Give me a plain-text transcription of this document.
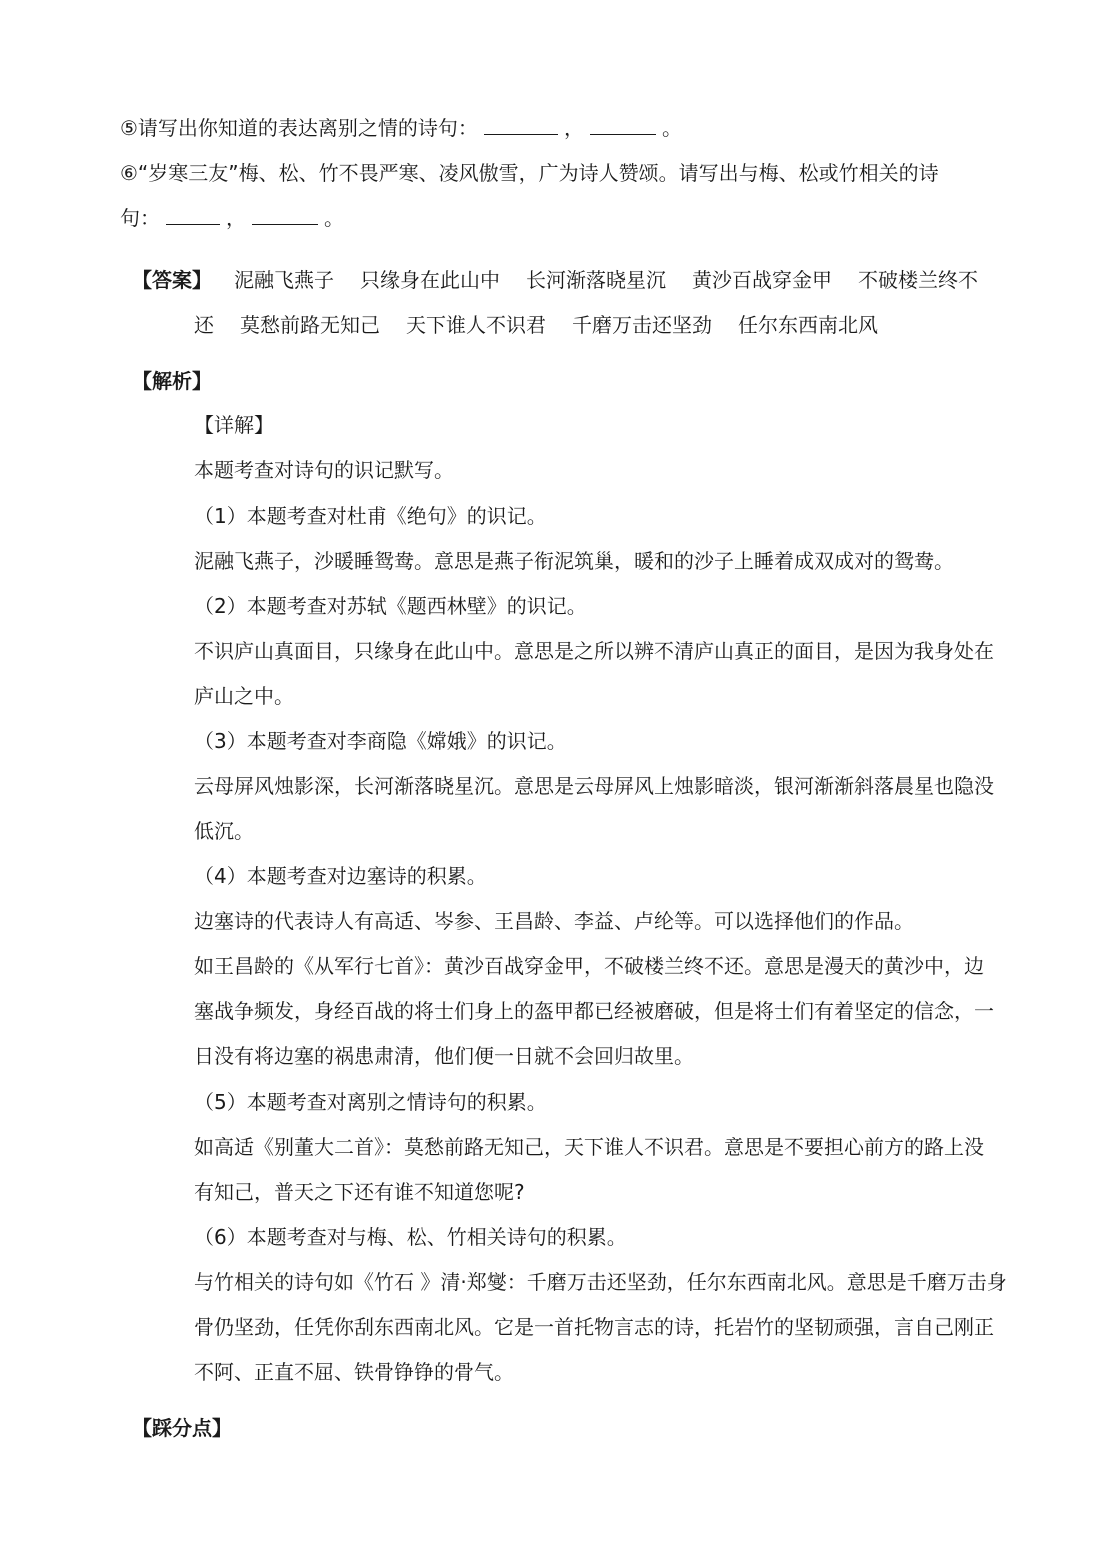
⑤请写出你知道的表达离别之情的诗句：	，	。
⑥“岁寒三友”梅、松、竹不畏严寒、凌风傲雪，广为诗人赞颂。请写出与梅、松或竹相关的诗
句：	，	。
【答案】 泥融飞燕子 只缘身在此山中 长河渐落晓星沉 黄沙百战穿金甲 不破楼兰终不
还 莫愁前路无知己 天下谁人不识君 千磨万击还坚劲 任尔东西南北风
【解析】
【详解】
本题考查对诗句的识记默写。
（1）本题考查对杜甫《绝句》的识记。
泥融飞燕子，沙暖睡鸳鸯。意思是燕子衔泥筑巢，暖和的沙子上睡着成双成对的鸳鸯。
（2）本题考查对苏轼《题西林壁》的识记。
不识庐山真面目，只缘身在此山中。意思是之所以辨不清庐山真正的面目，是因为我身处在
庐山之中。
（3）本题考查对李商隐《嫦娥》的识记。
云母屏风烛影深，长河渐落晓星沉。意思是云母屏风上烛影暗淡，银河渐渐斜落晨星也隐没
低沉。
（4）本题考查对边塞诗的积累。
边塞诗的代表诗人有高适、岑参、王昌龄、李益、卢纶等。可以选择他们的作品。
如王昌龄的《从军行七首》：黄沙百战穿金甲，不破楼兰终不还。意思是漫天的黄沙中，边
塞战争频发，身经百战的将士们身上的盔甲都已经被磨破，但是将士们有着坚定的信念，一
日没有将边塞的祸患肃清，他们便一日就不会回归故里。
（5）本题考查对离别之情诗句的积累。
如高适《别董大二首》：莫愁前路无知己，天下谁人不识君。意思是不要担心前方的路上没
有知己，普天之下还有谁不知道您呢?
（6）本题考查对与梅、松、竹相关诗句的积累。
与竹相关的诗句如《竹石 》清·郑燮：千磨万击还坚劲，任尔东西南北风。意思是千磨万击身
骨仍坚劲，任凭你刮东西南北风。它是一首托物言志的诗，托岩竹的坚韧顽强，言自己刚正
不阿、正直不屈、铁骨铮铮的骨气。
【踩分点】
